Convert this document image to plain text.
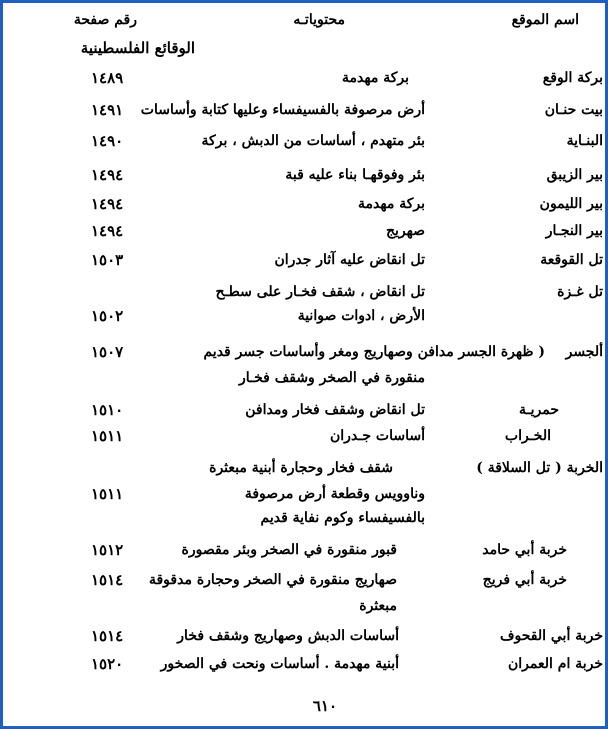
اسم الموقع
محتوياتـه
رقم صفحة
الوقائع الفلسطينية
بركة الوقع
بركة مهدمة
١٤٨٩
بيت حنـان
أرض مرصوفة بالفسيفساء وعليها كتابة وأساسات
١٤٩١
البنـاية
بئر متهدم ، أساسات من الدبش ، بركة
١٤٩٠
بير الزيبق
بئر وفوقهـا بناء عليه قبة
١٤٩٤
بير الليمون
بركة مهدمة
١٤٩٤
بير النجـار
صهريج
١٤٩٤
تل القوقعة
تل انقاض عليه آثار جدران
١٥٠٣
تل غـزة
تل انقاض ، شقف فخـار على سطـح
الأرض ، ادوات صوانية
١٥٠٢
ألجسر
( ظهرة الجسر مدافن وصهاريج ومغر وأساسات جسر قديم
١٥٠٧
منقورة في الصخر وشقف فخـار
حمريـة
تل انقاض وشقف فخار ومدافن
١٥١٠
الخـراب
أساسات جـدران
١٥١١
الخربة ( تل السلاقة )
شقف فخار وحجارة أبنية مبعثرة
وناوويس وقطعة أرض مرصوفة
١٥١١
بالفسيفساء وكوم نفاية قديم
خربة أبي حامد
قبور منقورة في الصخر وبئر مقصورة
١٥١٢
خربة أبي فريج
صهاريج منقورة في الصخر وحجارة مدقوقة
١٥١٤
مبعثرة
خربة أبي القحوف
أساسات الدبش وصهاريج وشقف فخار
١٥١٤
خربة ام العمران
أبنية مهدمة . أساسات ونحت في الصخور
١٥٢٠
٦١٠
